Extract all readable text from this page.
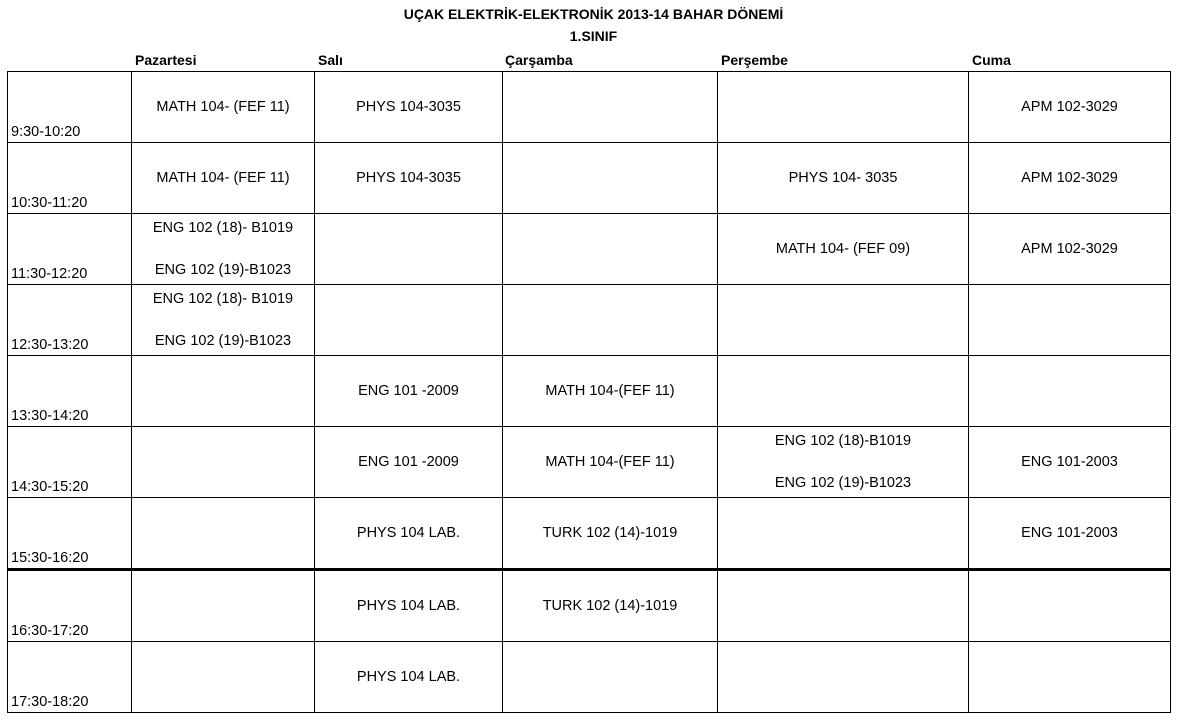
UÇAK ELEKTRİK-ELEKTRONİK 2013-14 BAHAR DÖNEMİ
1.SINIF
Pazartesi	Salı	Çarşamba	Perşembe	Cuma
9:30-10:20	MATH 104- (FEF 11)	PHYS 104-3035			APM 102-3029

10:30-11:20	MATH 104- (FEF 11)	PHYS 104-3035		PHYS 104- 3035	APM 102-3029

11:30-12:20	ENG 102 (18)- B1019
ENG 102 (19)-B1023			MATH 104- (FEF 09)	APM 102-3029

12:30-13:20	ENG 102 (18)- B1019
ENG 102 (19)-B1023				

13:30-14:20		ENG 101 -2009	MATH 104-(FEF 11)		

14:30-15:20		ENG 101 -2009	MATH 104-(FEF 11)	ENG 102 (18)-B1019
ENG 102 (19)-B1023	ENG 101-2003

15:30-16:20		PHYS 104 LAB.	TURK 102 (14)-1019		ENG 101-2003

16:30-17:20		PHYS 104 LAB.	TURK 102 (14)-1019		

17:30-18:20		PHYS 104 LAB.			
